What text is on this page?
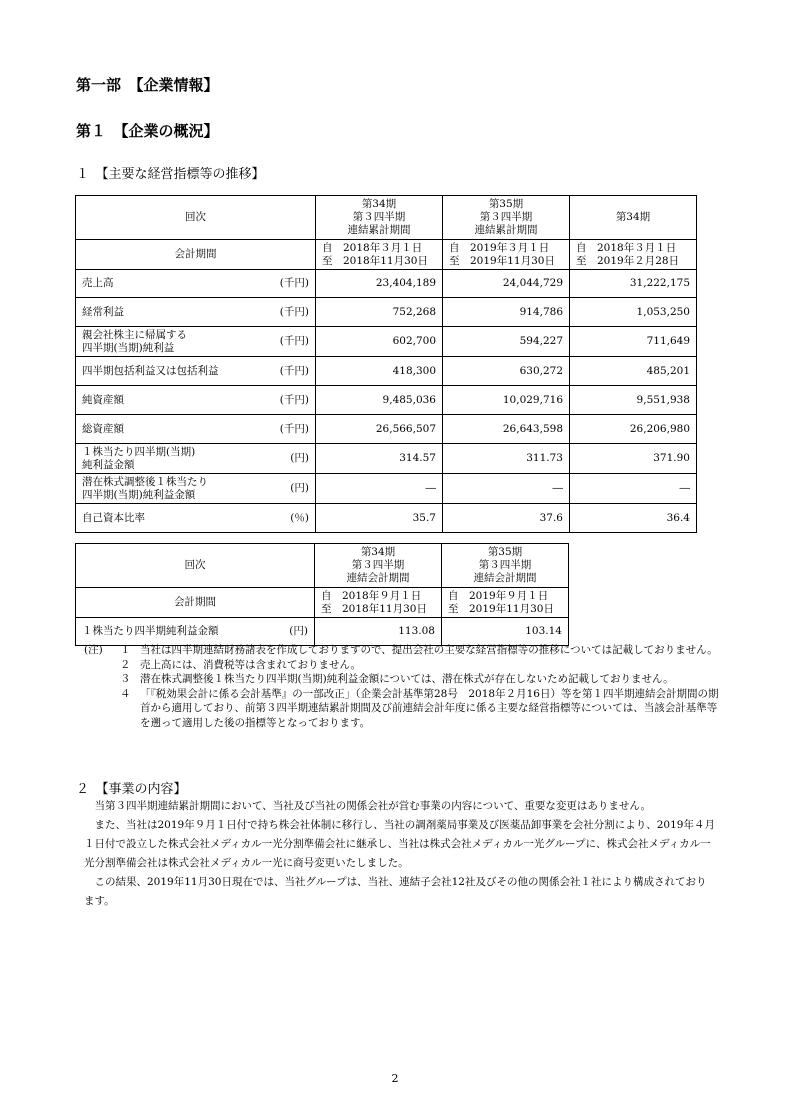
第一部　【企業情報】
第１　【企業の概況】
１　【主要な経営指標等の推移】
回次		第34期
第３四半期
連結累計期間	第35期
第３四半期
連結累計期間	第34期
会計期間		自　2018年３月１日
至　2018年11月30日	自　2019年３月１日
至　2019年11月30日	自　2018年３月１日
至　2019年２月28日

売上高	(千円)	23,404,189	24,044,729	31,222,175

経常利益	(千円)	752,268	914,786	1,053,250

親会社株主に帰属する
四半期(当期)純利益	(千円)	602,700	594,227	711,649

四半期包括利益又は包括利益	(千円)	418,300	630,272	485,201

純資産額	(千円)	9,485,036	10,029,716	9,551,938

総資産額	(千円)	26,566,507	26,643,598	26,206,980

１株当たり四半期(当期)
純利益金額	(円)	314.57	311.73	371.90

潜在株式調整後１株当たり
四半期(当期)純利益金額	(円)	―	―	―

自己資本比率	(％)	35.7	37.6	36.4
回次		第34期
第３四半期
連結会計期間	第35期
第３四半期
連結会計期間

会計期間		自　2018年９月１日
至　2018年11月30日	自　2019年９月１日
至　2019年11月30日

１株当たり四半期純利益金額	(円)	113.08	103.14
(注)	１ 当社は四半期連結財務諸表を作成しておりますので、提出会社の主要な経営指標等の推移については記載しておりません。
２ 売上高には、消費税等は含まれておりません。
３ 潜在株式調整後１株当たり四半期(当期)純利益金額については、潜在株式が存在しないため記載しておりません。
４ 「『税効果会計に係る会計基準』の一部改正」（企業会計基準第28号　2018年２月16日）等を第１四半期連結会計期間の期首から適用しており、前第３四半期連結累計期間及び前連結会計年度に係る主要な経営指標等については、当該会計基準等を遡って適用した後の指標等となっております。
２　【事業の内容】

当第３四半期連結累計期間において、当社及び当社の関係会社が営む事業の内容について、重要な変更はありません。

また、当社は2019年９月１日付で持ち株会社体制に移行し、当社の調剤薬局事業及び医薬品卸事業を会社分割により、2019年４月１日付で設立した株式会社メディカル一光分割準備会社に継承し、当社は株式会社メディカル一光グループに、株式会社メディカル一光分割準備会社は株式会社メディカル一光に商号変更いたしました。

この結果、2019年11月30日現在では、当社グループは、当社、連結子会社12社及びその他の関係会社１社により構成されております。

2
